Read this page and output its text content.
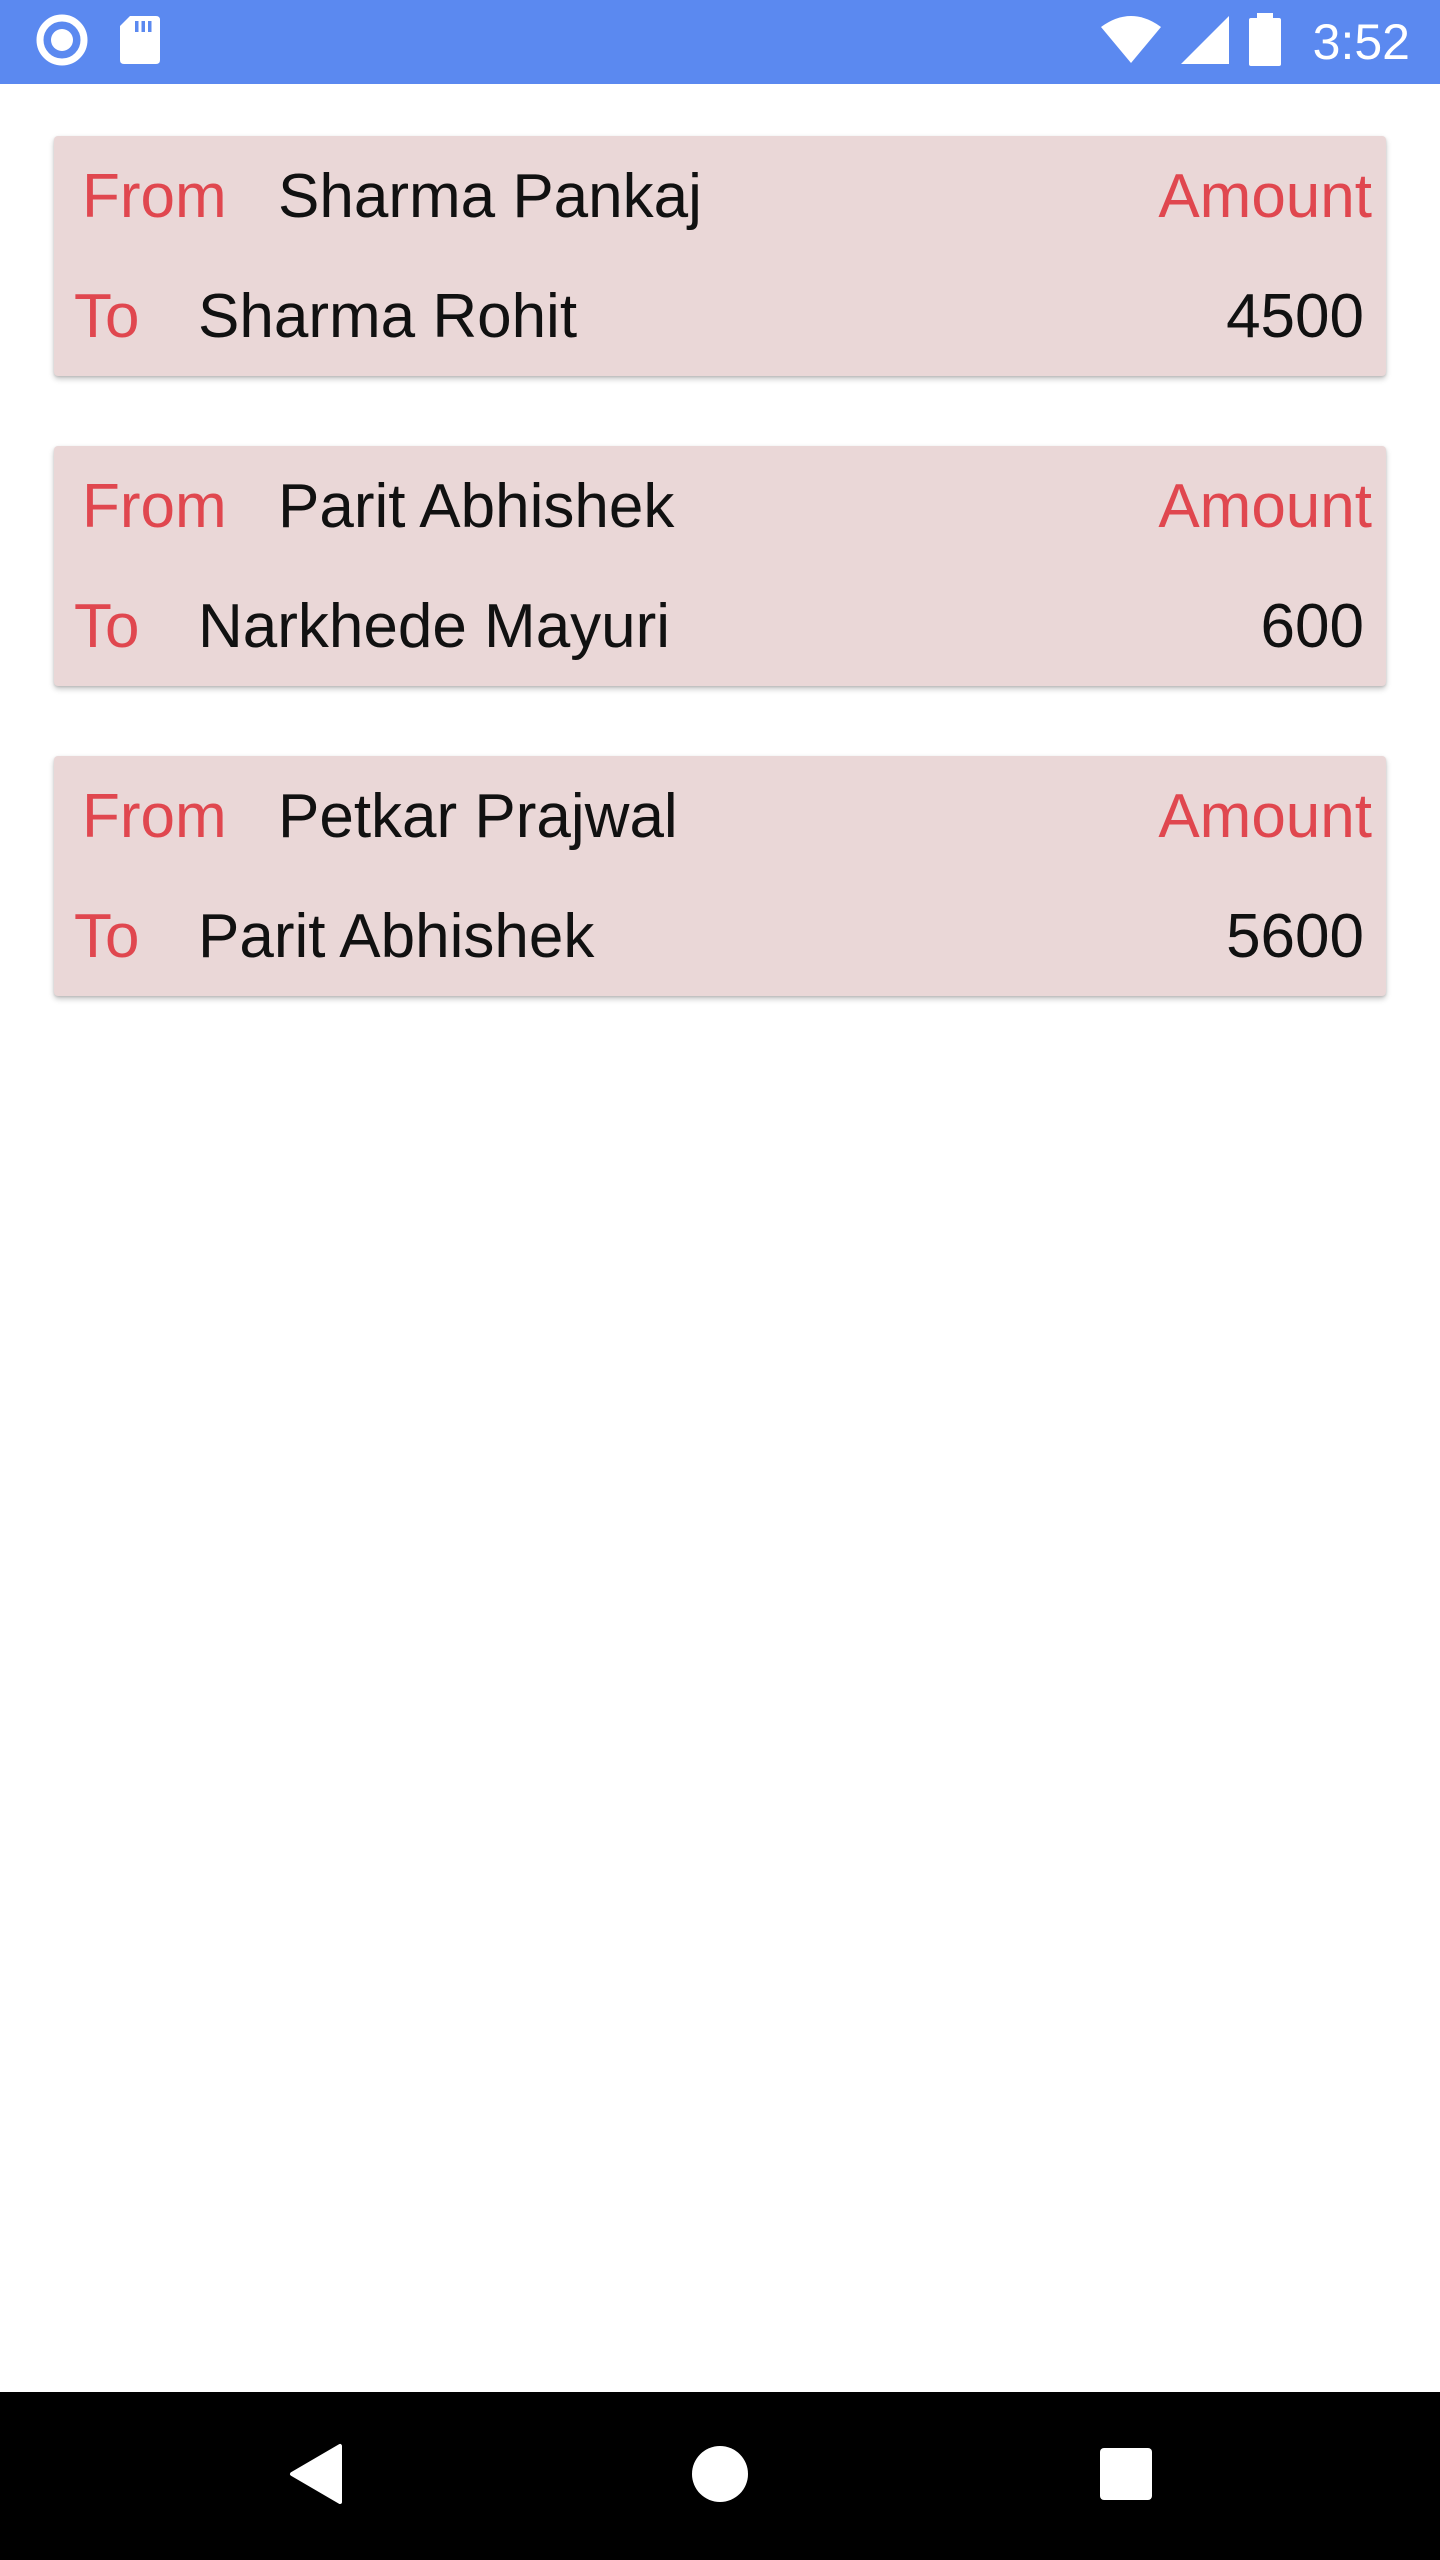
3:52
From Sharma Pankaj	Amount
To Sharma Rohit	4500
From Parit Abhishek	Amount
To Narkhede Mayuri	600
From Petkar Prajwal	Amount
To Parit Abhishek	5600
